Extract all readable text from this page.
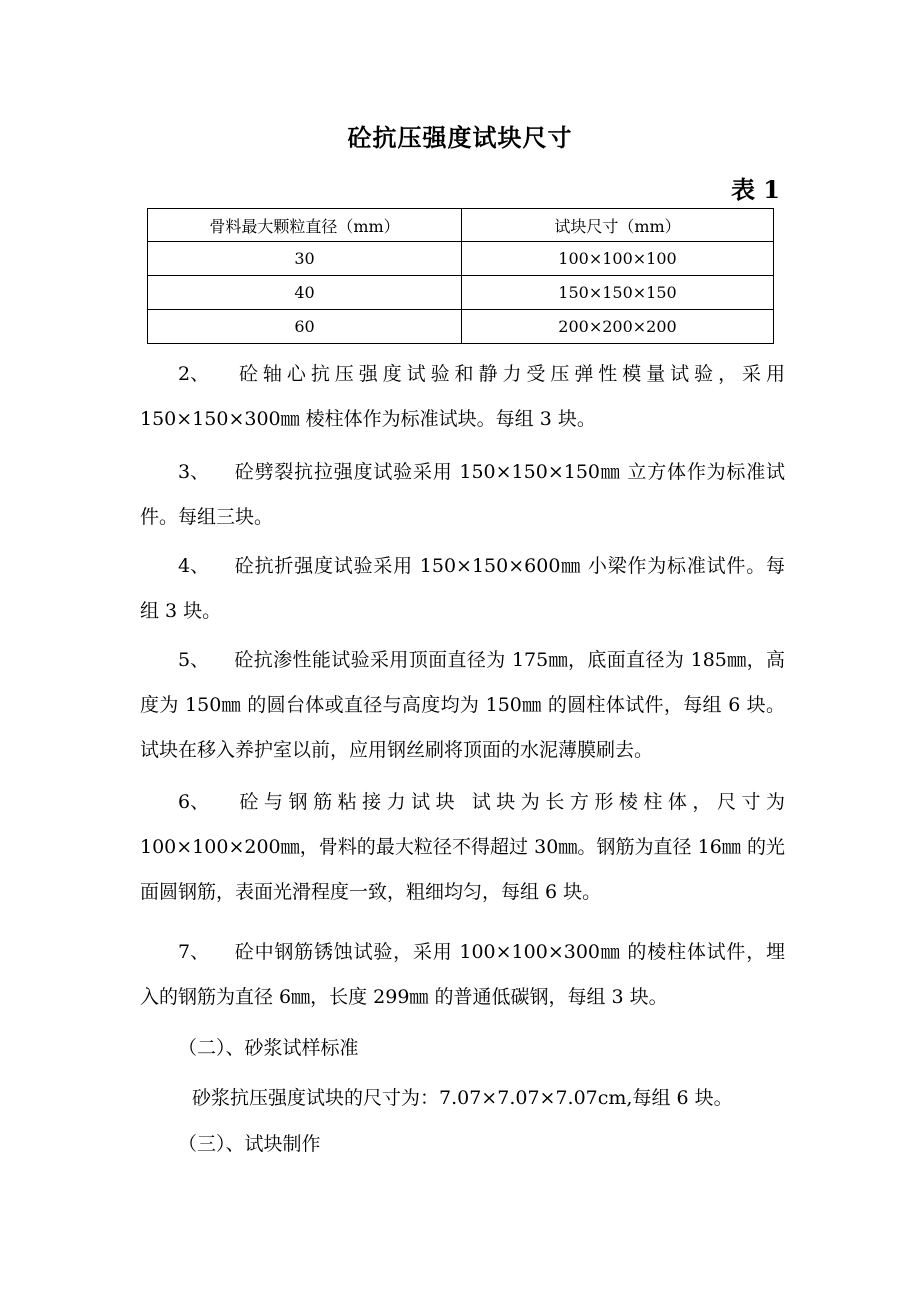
砼抗压强度试块尺寸
表 1
骨料最大颗粒直径（mm）	试块尺寸（mm）
30	100×100×100
40	150×150×150
60	200×200×200
2、 砼轴心抗压强度试验和静力受压弹性模量试验，采用 150×150×300㎜ 棱柱体作为标准试块。每组 3 块。
3、 砼劈裂抗拉强度试验采用 150×150×150㎜ 立方体作为标准试件。每组三块。
4、 砼抗折强度试验采用 150×150×600㎜ 小梁作为标准试件。每组 3 块。
5、 砼抗渗性能试验采用顶面直径为 175㎜，底面直径为 185㎜，高度为 150㎜ 的圆台体或直径与高度均为 150㎜ 的圆柱体试件，每组 6 块。试块在移入养护室以前，应用钢丝刷将顶面的水泥薄膜刷去。
6、 砼与钢筋粘接力试块 试块为长方形棱柱体，尺寸为 100×100×200㎜，骨料的最大粒径不得超过 30㎜。钢筋为直径 16㎜ 的光面圆钢筋，表面光滑程度一致，粗细均匀，每组 6 块。
7、 砼中钢筋锈蚀试验，采用 100×100×300㎜ 的棱柱体试件，埋入的钢筋为直径 6㎜，长度 299㎜ 的普通低碳钢，每组 3 块。
（二）、砂浆试样标准
砂浆抗压强度试块的尺寸为：7.07×7.07×7.07cm,每组 6 块。
（三）、试块制作
